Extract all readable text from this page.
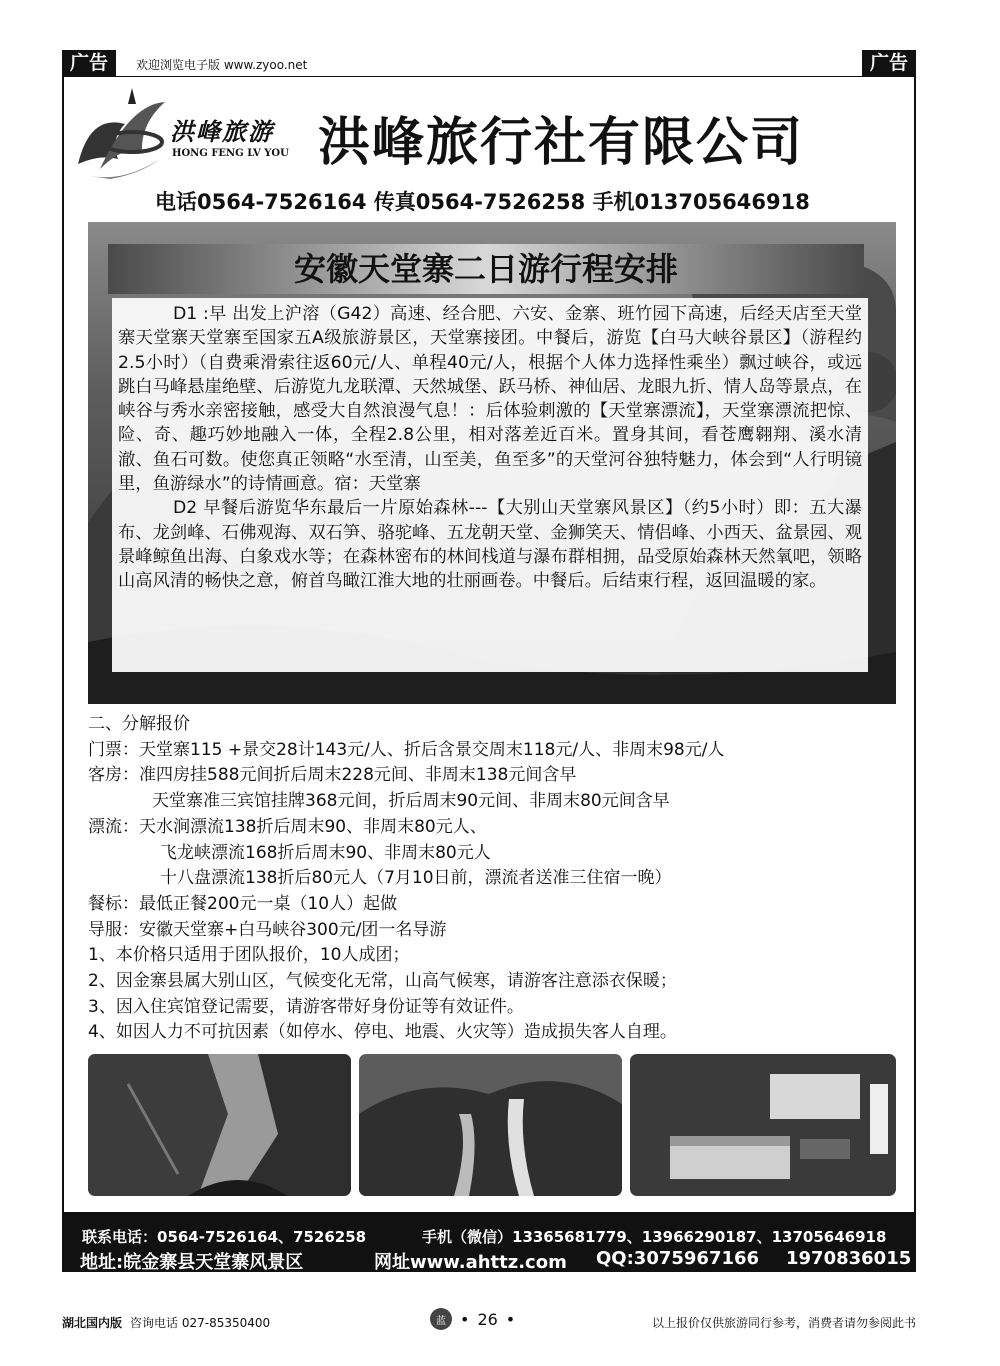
广告	欢迎浏览电子版 www.zyoo.net	广告
洪峰旅游
HONG FENG LV YOU 洪峰旅行社有限公司
电话0564-7526164 传真0564-7526258 手机013705646918
安徽天堂寨二日游行程安排

D1 :早 出发上沪溶（G42）高速、经合肥、六安、金寨、班竹园下高速，后经天店至天堂寨天堂寨天堂寨至国家五A级旅游景区，天堂寨接团。中餐后，游览【白马大峡谷景区】（游程约2.5小时）（自费乘滑索往返60元/人、单程40元/人，根据个人体力选择性乘坐）飘过峡谷，或远跳白马峰悬崖绝壁、后游览九龙联潭、天然城堡、跃马桥、神仙居、龙眼九折、情人岛等景点，在峡谷与秀水亲密接触，感受大自然浪漫气息！：后体验刺激的【天堂寨漂流】，天堂寨漂流把惊、险、奇、趣巧妙地融入一体，全程2.8公里，相对落差近百米。置身其间，看苍鹰翱翔、溪水清澈、鱼石可数。使您真正领略“水至清，山至美，鱼至多”的天堂河谷独特魅力，体会到“人行明镜里，鱼游绿水”的诗情画意。宿：天堂寨

D2 早餐后游览华东最后一片原始森林---【大别山天堂寨风景区】（约5小时）即：五大瀑布、龙剑峰、石佛观海、双石笋、骆驼峰、五龙朝天堂、金狮笑天、情侣峰、小西天、盆景园、观景峰鲸鱼出海、白象戏水等；在森林密布的林间栈道与瀑布群相拥，品受原始森林天然氧吧，领略山高风清的畅快之意，俯首鸟瞰江淮大地的壮丽画卷。中餐后。后结束行程，返回温暖的家。

二、分解报价
门票：天堂寨115 +景交28计143元/人、折后含景交周末118元/人、非周末98元/人
客房：准四房挂588元间折后周末228元间、非周末138元间含早
天堂寨准三宾馆挂牌368元间，折后周末90元间、非周末80元间含早
漂流：天水涧漂流138折后周末90、非周末80元人、
飞龙峡漂流168折后周末90、非周末80元人
十八盘漂流138折后80元人（7月10日前，漂流者送准三住宿一晚）
餐标：最低正餐200元一桌（10人）起做
导服：安徽天堂寨+白马峡谷300元/团一名导游
1、本价格只适用于团队报价，10人成团；
2、因金寨县属大别山区，气候变化无常，山高气候寒，请游客注意添衣保暖；
3、因入住宾馆登记需要，请游客带好身份证等有效证件。
4、如因人力不可抗因素（如停水、停电、地震、火灾等）造成损失客人自理。
联系电话：0564-7526164、7526258	手机（微信）13365681779、13966290187、13705646918
地址:皖金寨县天堂寨风景区	网址www.ahttz.com QQ:3075967166 1970836015
湖北国内版 咨询电话 027-85350400	蓝 • 26 •	以上报价仅供旅游同行参考，消费者请勿参阅此书
